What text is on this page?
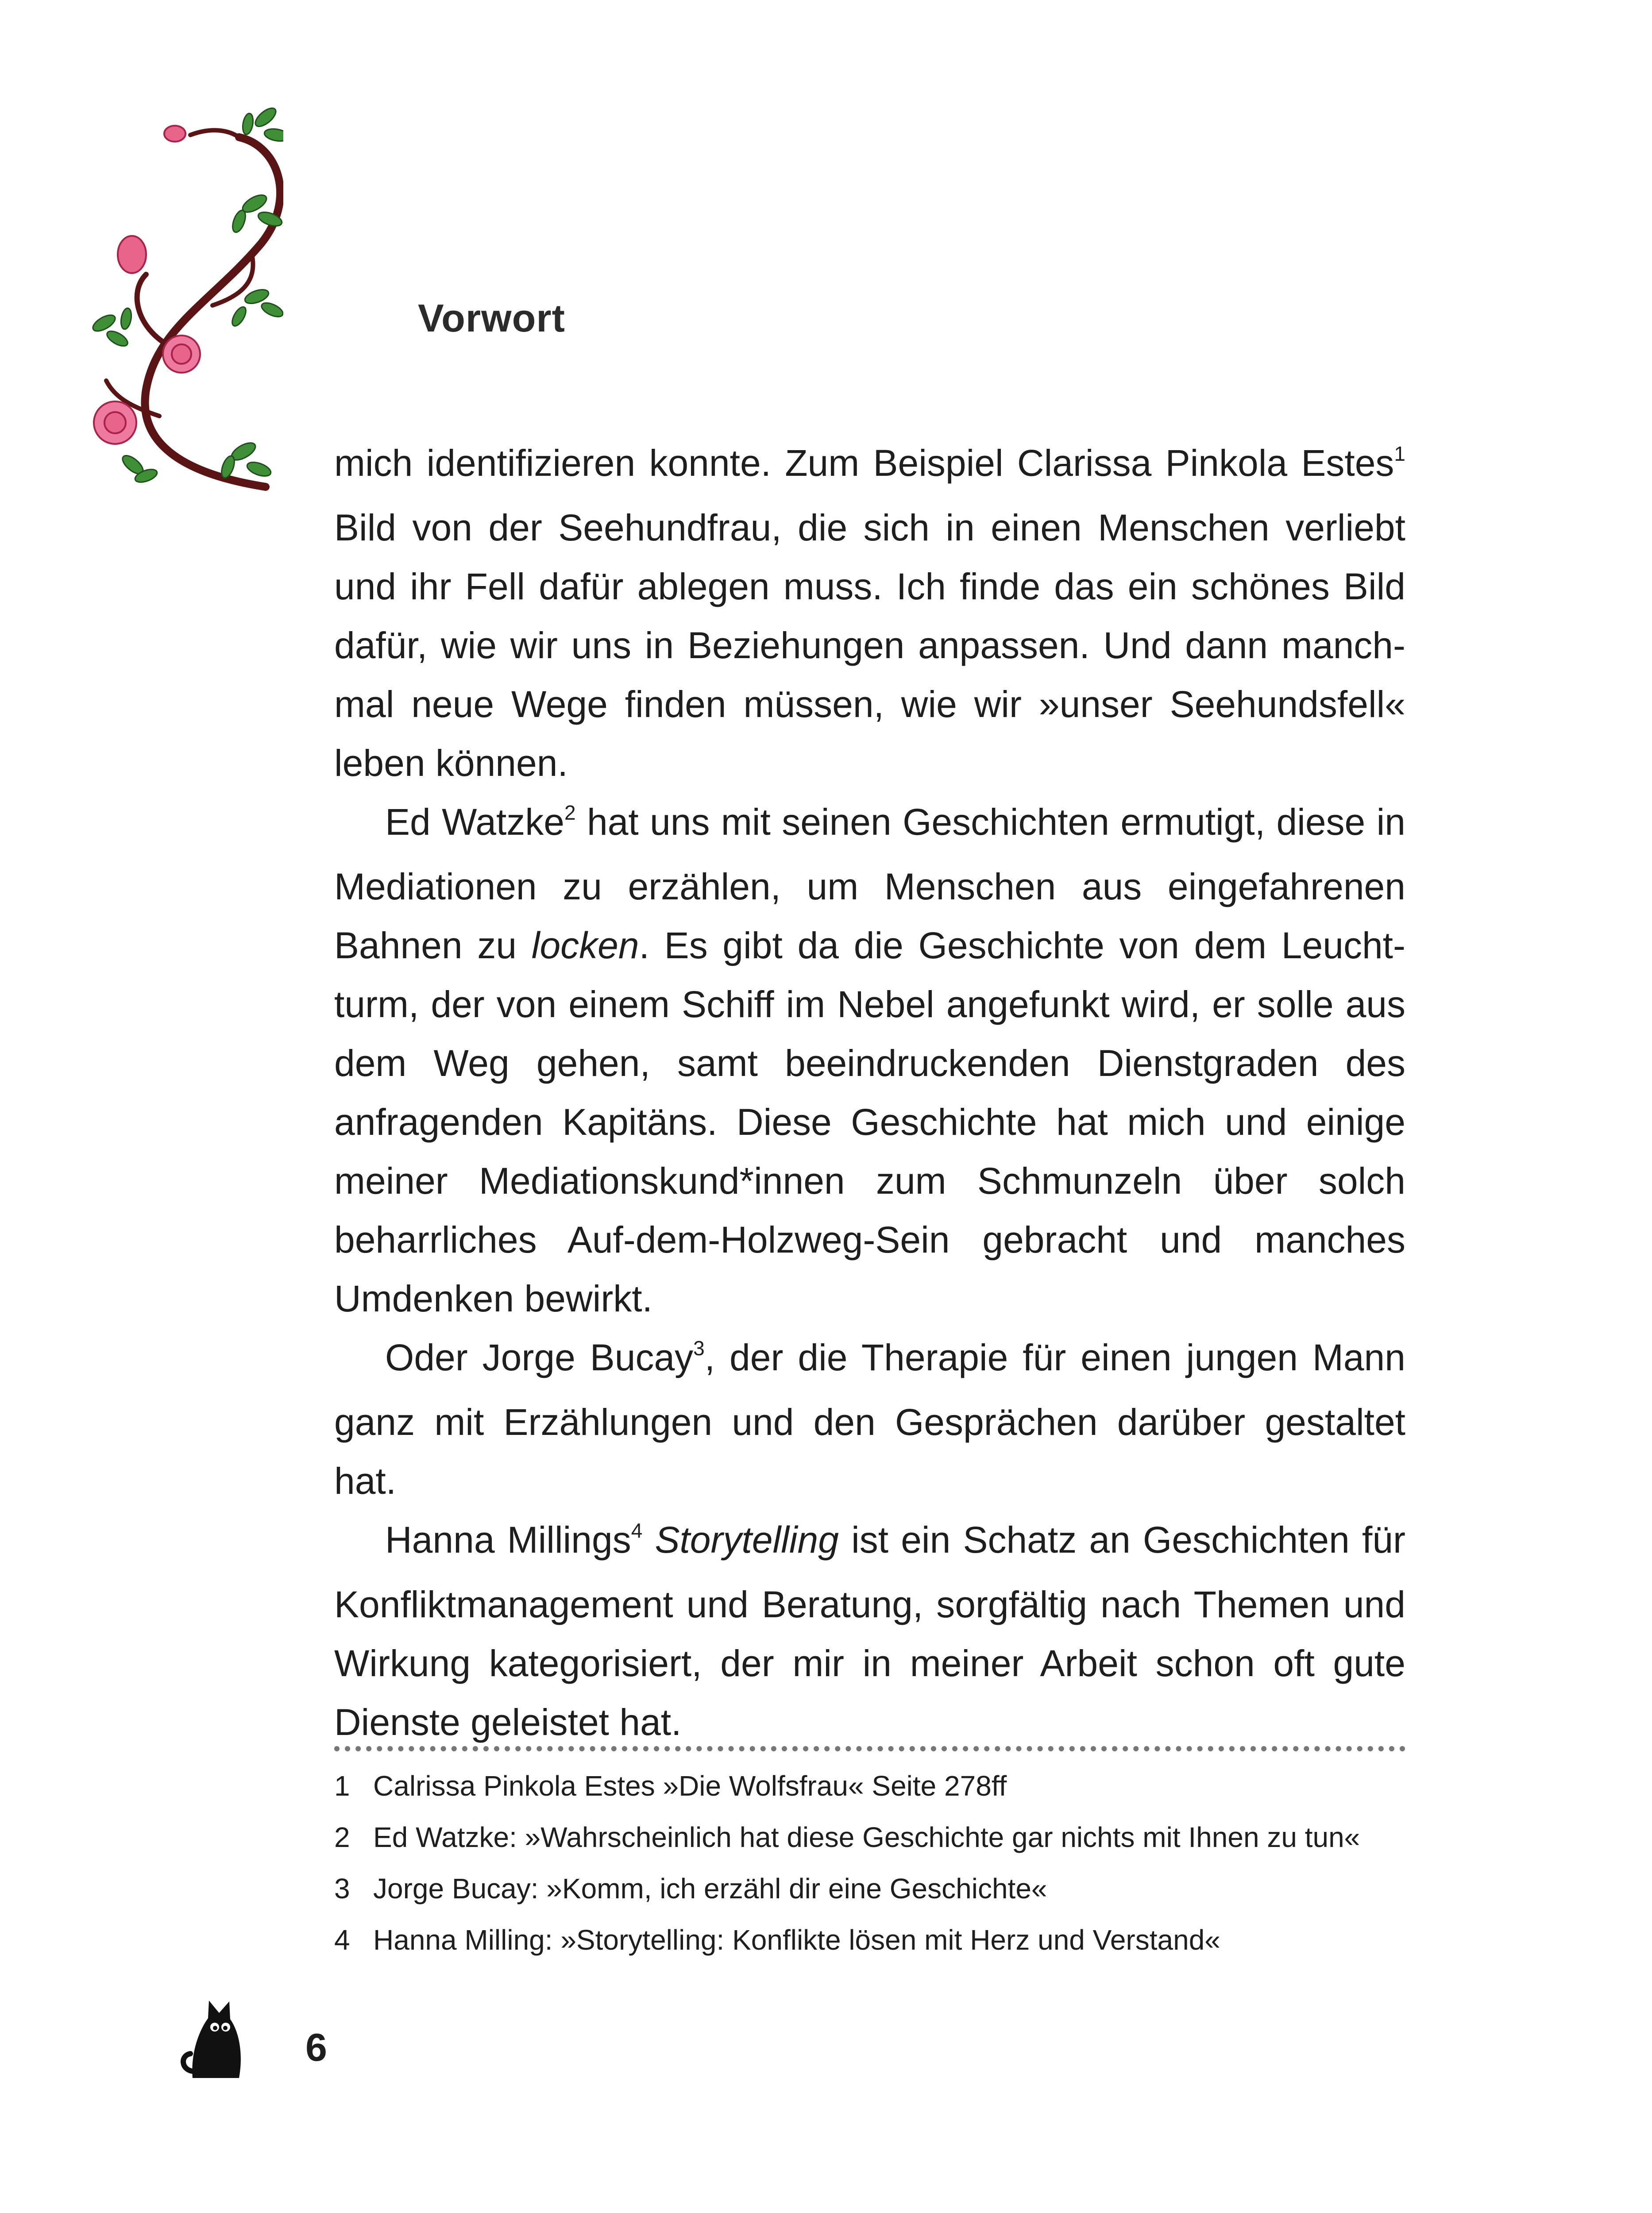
Vorwort

mich identifizieren konnte. Zum Beispiel Clarissa Pinkola Estes$^1$ Bild von der Seehundfrau, die sich in einen Menschen verliebt und ihr Fell dafür ablegen muss. Ich finde das ein schönes Bild dafür, wie wir uns in Beziehungen anpassen. Und dann manchmal neue Wege finden müssen, wie wir »unser Seehundsfell« leben können.

Ed Watzke$^2$ hat uns mit seinen Geschichten ermutigt, diese in Mediationen zu erzählen, um Menschen aus eingefahrenen Bahnen zu locken. Es gibt da die Geschichte von dem Leuchtturm, der von einem Schiff im Nebel angefunkt wird, er solle aus dem Weg gehen, samt beeindruckenden Dienstgraden des anfragenden Kapitäns. Diese Geschichte hat mich und einige meiner Mediationskund*innen zum Schmunzeln über solch beharrliches Auf-dem-Holzweg-Sein gebracht und manches Umdenken bewirkt.

Oder Jorge Bucay$^3$, der die Therapie für einen jungen Mann ganz mit Erzählungen und den Gesprächen darüber gestaltet hat.

Hanna Millings$^4$ Storytelling ist ein Schatz an Geschichten für Konfliktmanagement und Beratung, sorgfältig nach Themen und Wirkung kategorisiert, der mir in meiner Arbeit schon oft gute Dienste geleistet hat.

1 Calrissa Pinkola Estes »Die Wolfsfrau« Seite 278ff
2 Ed Watzke: »Wahrscheinlich hat diese Geschichte gar nichts mit Ihnen zu tun«
3 Jorge Bucay: »Komm, ich erzähl dir eine Geschichte«
4 Hanna Milling: »Storytelling: Konflikte lösen mit Herz und Verstand«
6
